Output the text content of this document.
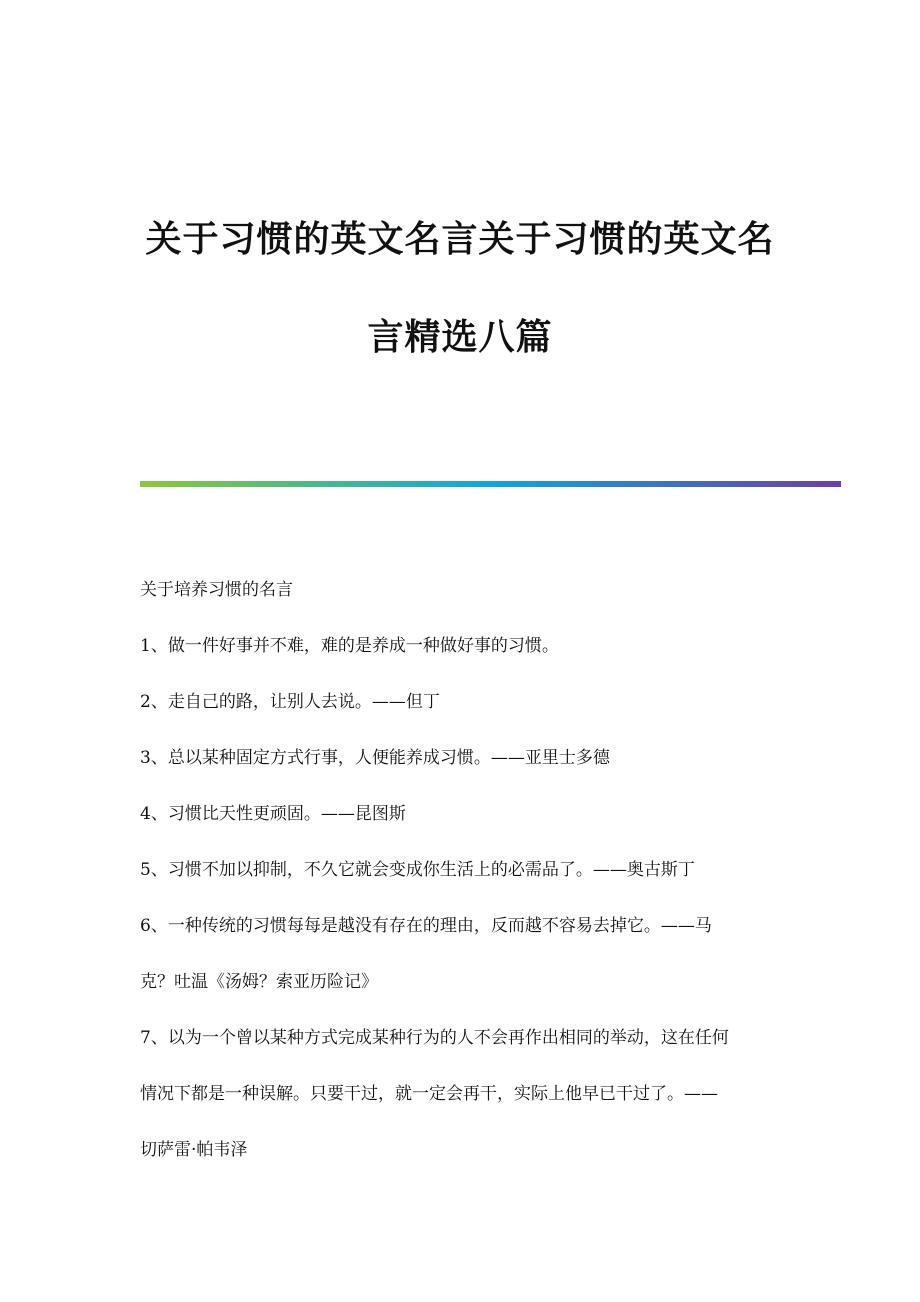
关于习惯的英文名言关于习惯的英文名
言精选八篇

关于培养习惯的名言

1、做一件好事并不难，难的是养成一种做好事的习惯。

2、走自己的路，让别人去说。——但丁

3、总以某种固定方式行事，人便能养成习惯。——亚里士多德

4、习惯比天性更顽固。——昆图斯

5、习惯不加以抑制，不久它就会变成你生活上的必需品了。——奥古斯丁

6、一种传统的习惯每每是越没有存在的理由，反而越不容易去掉它。——马

克？吐温《汤姆？索亚历险记》

7、以为一个曾以某种方式完成某种行为的人不会再作出相同的举动，这在任何

情况下都是一种误解。只要干过，就一定会再干，实际上他早已干过了。——

切萨雷·帕韦泽
